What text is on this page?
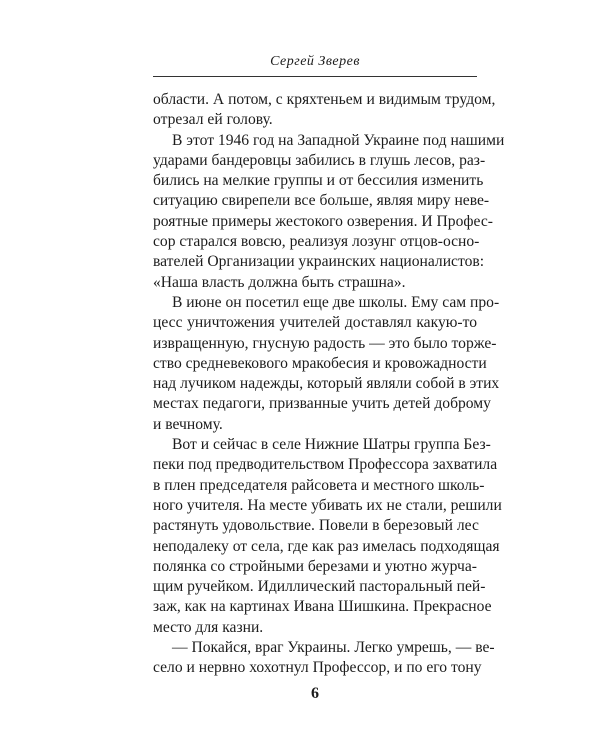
Сергей Зверев
области. А потом, с кряхтеньем и видимым трудом,
отрезал ей голову.
В этот 1946 год на Западной Украине под нашими
ударами бандеровцы забились в глушь лесов, раз-
бились на мелкие группы и от бессилия изменить
ситуацию свирепели все больше, являя миру неве-
роятные примеры жестокого озверения. И Профес-
сор старался вовсю, реализуя лозунг отцов-осно-
вателей Организации украинских националистов:
«Наша власть должна быть страшна».
В июне он посетил еще две школы. Ему сам про-
цесс уничтожения учителей доставлял какую-то
извращенную, гнусную радость — это было торже-
ство средневекового мракобесия и кровожадности
над лучиком надежды, который являли собой в этих
местах педагоги, призванные учить детей доброму
и вечному.
Вот и сейчас в селе Нижние Шатры группа Без-
пеки под предводительством Профессора захватила
в плен председателя райсовета и местного школь-
ного учителя. На месте убивать их не стали, решили
растянуть удовольствие. Повели в березовый лес
неподалеку от села, где как раз имелась подходящая
полянка со стройными березами и уютно журча-
щим ручейком. Идиллический пасторальный пей-
заж, как на картинах Ивана Шишкина. Прекрасное
место для казни.
— Покайся, враг Украины. Легко умрешь, — ве-
село и нервно хохотнул Профессор, и по его тону
6
